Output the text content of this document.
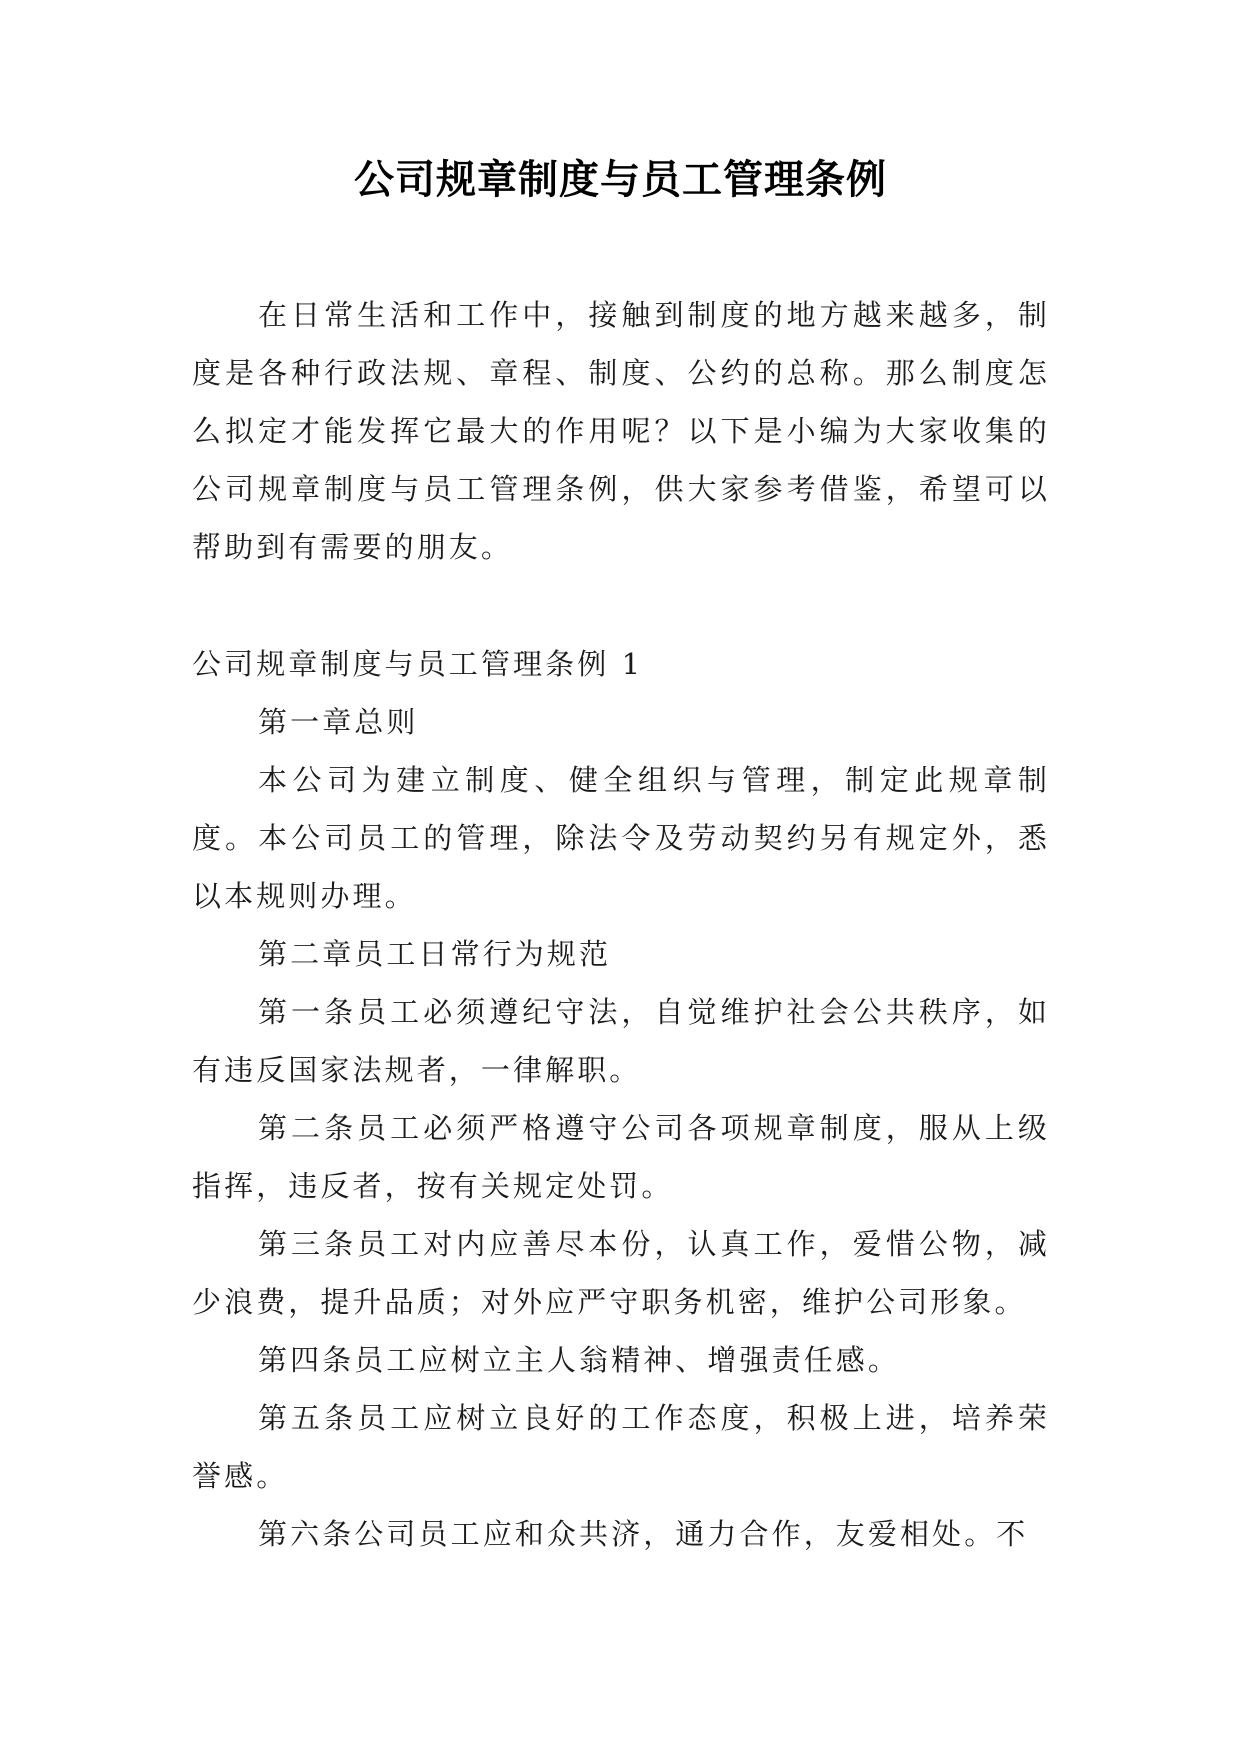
公司规章制度与员工管理条例

在日常生活和工作中，接触到制度的地方越来越多，制度是各种行政法规、章程、制度、公约的总称。那么制度怎么拟定才能发挥它最大的作用呢？以下是小编为大家收集的公司规章制度与员工管理条例，供大家参考借鉴，希望可以帮助到有需要的朋友。

公司规章制度与员工管理条例 1

第一章总则

本公司为建立制度、健全组织与管理，制定此规章制度。本公司员工的管理，除法令及劳动契约另有规定外，悉以本规则办理。

第二章员工日常行为规范

第一条员工必须遵纪守法，自觉维护社会公共秩序，如有违反国家法规者，一律解职。

第二条员工必须严格遵守公司各项规章制度，服从上级指挥，违反者，按有关规定处罚。

第三条员工对内应善尽本份，认真工作，爱惜公物，减少浪费，提升品质；对外应严守职务机密，维护公司形象。

第四条员工应树立主人翁精神、增强责任感。

第五条员工应树立良好的工作态度，积极上进，培养荣誉感。

第六条公司员工应和众共济，通力合作，友爱相处。不
